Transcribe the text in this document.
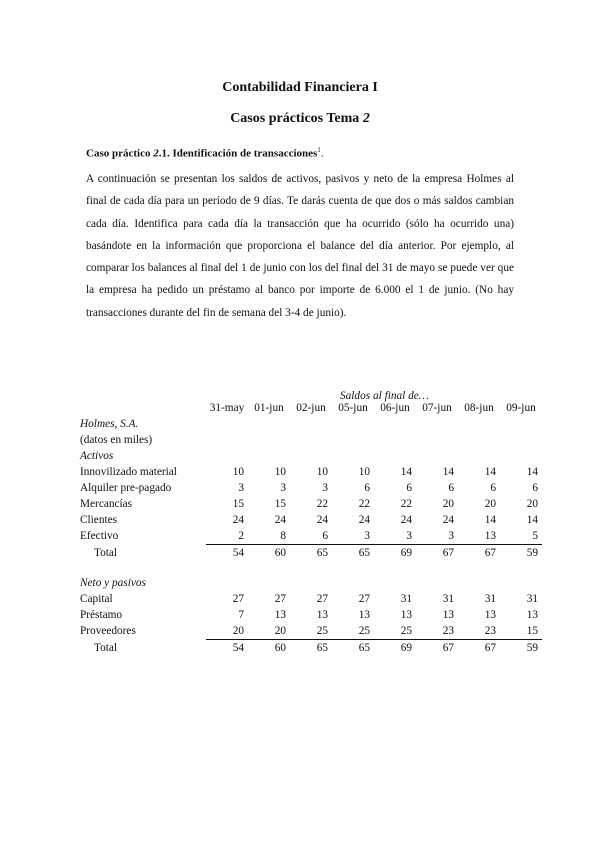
Contabilidad Financiera I
Casos prácticos Tema 2
Caso práctico 2.1. Identificación de transacciones$^1$.

A continuación se presentan los saldos de activos, pasivos y neto de la empresa Holmes al final de cada día para un período de 9 días. Te darás cuenta de que dos o más saldos cambian cada día. Identifica para cada día la transacción que ha ocurrido (sólo ha ocurrido una) basándote en la información que proporciona el balance del día anterior. Por ejemplo, al comparar los balances al final del 1 de junio con los del final del 31 de mayo se puede ver que la empresa ha pedido un préstamo al banco por importe de 6.000 el 1 de junio. (No hay transacciones durante del fin de semana del 3-4 de junio).

Saldos al final de…
	31-may	01-jun	02-jun	05-jun	06-jun	07-jun	08-jun	09-jun
Holmes, S.A.								
(datos en miles)								
Activos								
Innovilizado material	10	10	10	10	14	14	14	14
Alquiler pre-pagado	3	3	3	6	6	6	6	6
Mercancías	15	15	22	22	22	20	20	20
Clientes	24	24	24	24	24	24	14	14
Efectivo	2	8	6	3	3	3	13	5
Total	54	60	65	65	69	67	67	59

Neto y pasivos								
Capital	27	27	27	27	31	31	31	31
Préstamo	7	13	13	13	13	13	13	13
Proveedores	20	20	25	25	25	23	23	15
Total	54	60	65	65	69	67	67	59
